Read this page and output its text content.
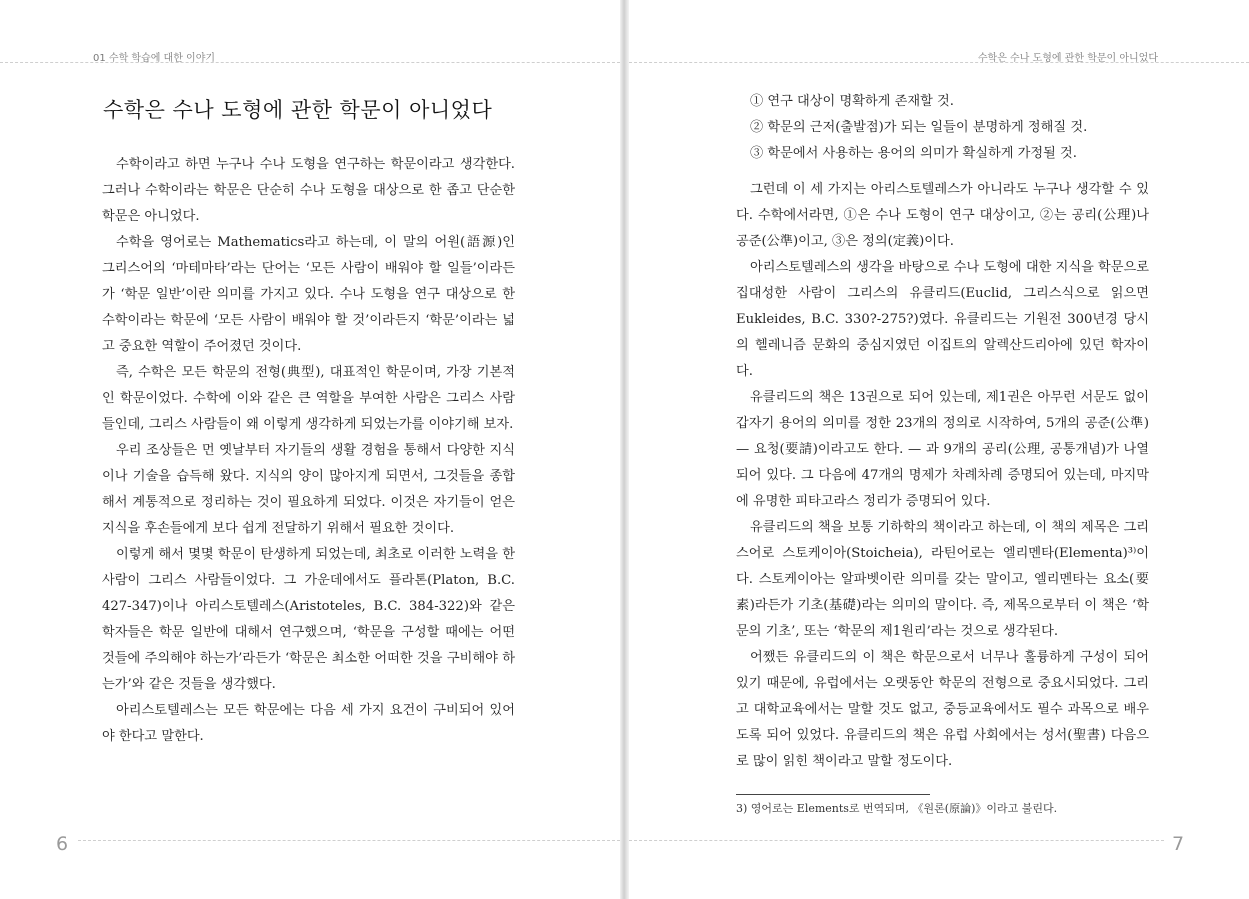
01 수학 학습에 대한 이야기
6
수학은 수나 도형에 관한 학문이 아니었다

수학이라고 하면 누구나 수나 도형을 연구하는 학문이라고 생각한다. 그러나 수학이라는 학문은 단순히 수나 도형을 대상으로 한 좁고 단순한 학문은 아니었다.

수학을 영어로는 Mathematics라고 하는데, 이 말의 어원(語源)인 그리스어의 ‘마테마타’라는 단어는 ‘모든 사람이 배워야 할 일들’이라든가 ‘학문 일반’이란 의미를 가지고 있다. 수나 도형을 연구 대상으로 한 수학이라는 학문에 ‘모든 사람이 배워야 할 것’이라든지 ‘학문’이라는 넓고 중요한 역할이 주어졌던 것이다.

즉, 수학은 모든 학문의 전형(典型), 대표적인 학문이며, 가장 기본적인 학문이었다. 수학에 이와 같은 큰 역할을 부여한 사람은 그리스 사람들인데, 그리스 사람들이 왜 이렇게 생각하게 되었는가를 이야기해 보자.

우리 조상들은 먼 옛날부터 자기들의 생활 경험을 통해서 다양한 지식이나 기술을 습득해 왔다. 지식의 양이 많아지게 되면서, 그것들을 종합해서 계통적으로 정리하는 것이 필요하게 되었다. 이것은 자기들이 얻은 지식을 후손들에게 보다 쉽게 전달하기 위해서 필요한 것이다.

이렇게 해서 몇몇 학문이 탄생하게 되었는데, 최초로 이러한 노력을 한 사람이 그리스 사람들이었다. 그 가운데에서도 플라톤(Platon, B.C. 427-347)이나 아리스토텔레스(Aristoteles, B.C. 384-322)와 같은 학자들은 학문 일반에 대해서 연구했으며, ‘학문을 구성할 때에는 어떤 것들에 주의해야 하는가’라든가 ‘학문은 최소한 어떠한 것을 구비해야 하는가’와 같은 것들을 생각했다.

아리스토텔레스는 모든 학문에는 다음 세 가지 요건이 구비되어 있어야 한다고 말한다.

수학은 수나 도형에 관한 학문이 아니었다
7
① 연구 대상이 명확하게 존재할 것.
② 학문의 근저(출발점)가 되는 일들이 분명하게 정해질 것.
③ 학문에서 사용하는 용어의 의미가 확실하게 가정될 것.

그런데 이 세 가지는 아리스토텔레스가 아니라도 누구나 생각할 수 있다. 수학에서라면, ①은 수나 도형이 연구 대상이고, ②는 공리(公理)나 공준(公準)이고, ③은 정의(定義)이다.

아리스토텔레스의 생각을 바탕으로 수나 도형에 대한 지식을 학문으로 집대성한 사람이 그리스의 유클리드(Euclid, 그리스식으로 읽으면 Eukleides, B.C. 330?-275?)였다. 유클리드는 기원전 300년경 당시의 헬레니즘 문화의 중심지였던 이집트의 알렉산드리아에 있던 학자이다.

유클리드의 책은 13권으로 되어 있는데, 제1권은 아무런 서문도 없이 갑자기 용어의 의미를 정한 23개의 정의로 시작하여, 5개의 공준(公準) — 요청(要請)이라고도 한다. — 과 9개의 공리(公理, 공통개념)가 나열되어 있다. 그 다음에 47개의 명제가 차례차례 증명되어 있는데, 마지막에 유명한 피타고라스 정리가 증명되어 있다.

유클리드의 책을 보통 기하학의 책이라고 하는데, 이 책의 제목은 그리스어로 스토케이아(Stoicheia), 라틴어로는 엘리멘타(Elementa)³⁾이다. 스토케이아는 알파벳이란 의미를 갖는 말이고, 엘리멘타는 요소(要素)라든가 기초(基礎)라는 의미의 말이다. 즉, 제목으로부터 이 책은 ‘학문의 기초’, 또는 ‘학문의 제1원리’라는 것으로 생각된다.

어쨌든 유클리드의 이 책은 학문으로서 너무나 훌륭하게 구성이 되어 있기 때문에, 유럽에서는 오랫동안 학문의 전형으로 중요시되었다. 그리고 대학교육에서는 말할 것도 없고, 중등교육에서도 필수 과목으로 배우도록 되어 있었다. 유클리드의 책은 유럽 사회에서는 성서(聖書) 다음으로 많이 읽힌 책이라고 말할 정도이다.

3) 영어로는 Elements로 번역되며, 《원론(原論)》이라고 불린다.
